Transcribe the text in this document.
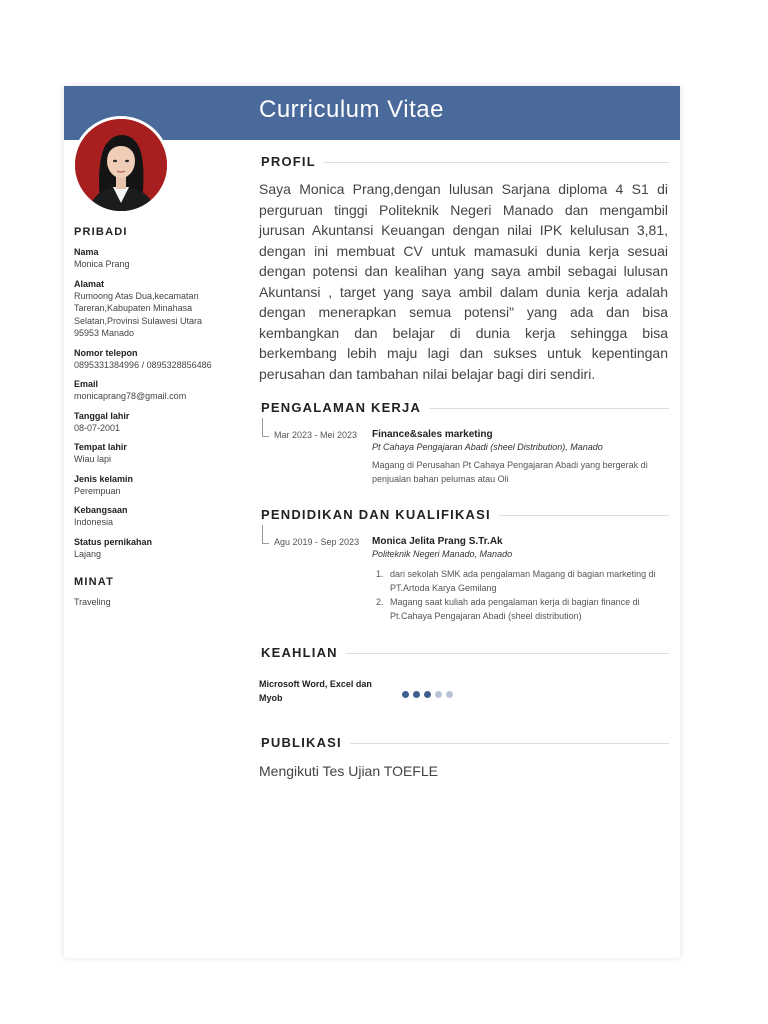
Curriculum Vitae
PRIBADI
Nama
Monica Prang
Alamat
Rumoong Atas Dua,kecamatan
Tareran,Kabupaten Minahasa
Selatan,Provinsi Sulawesi Utara
95953 Manado
Nomor telepon
0895331384996 / 0895328856486
Email
monicaprang78@gmail.com
Tanggal lahir
08-07-2001
Tempat lahir
Wiau lapi
Jenis kelamin
Perempuan
Kebangsaan
Indonesia
Status pernikahan
Lajang
MINAT
Traveling
PROFIL

Saya Monica Prang,dengan lulusan Sarjana diploma 4 S1 di perguruan tinggi Politeknik Negeri Manado dan mengambil jurusan Akuntansi Keuangan dengan nilai IPK kelulusan 3,81, dengan ini membuat CV untuk mamasuki dunia kerja sesuai dengan potensi dan kealihan yang saya ambil sebagai lulusan Akuntansi , target yang saya ambil dalam dunia kerja adalah dengan menerapkan semua potensi" yang ada dan bisa kembangkan dan belajar di dunia kerja sehingga bisa berkembang lebih maju lagi dan sukses untuk kepentingan perusahan dan tambahan nilai belajar bagi diri sendiri.

PENGALAMAN KERJA
Mar 2023 - Mei 2023 Finance&sales marketing
Pt Cahaya Pengajaran Abadi (sheel Distribution), Manado
Magang di Perusahan Pt Cahaya Pengajaran Abadi yang bergerak di penjualan bahan pelumas atau Oli
PENDIDIKAN DAN KUALIFIKASI
Agu 2019 - Sep 2023 Monica Jelita Prang S.Tr.Ak
Politeknik Negeri Manado, Manado
1. dari sekolah SMK ada pengalaman Magang di bagian marketing di PT.Artoda Karya Gemilang
2. Magang saat kuliah ada pengalaman kerja di bagian finance di Pt.Cahaya Pengajaran Abadi (sheel distribution)
KEAHLIAN
Microsoft Word, Excel dan Myob
PUBLIKASI
Mengikuti Tes Ujian TOEFLE
